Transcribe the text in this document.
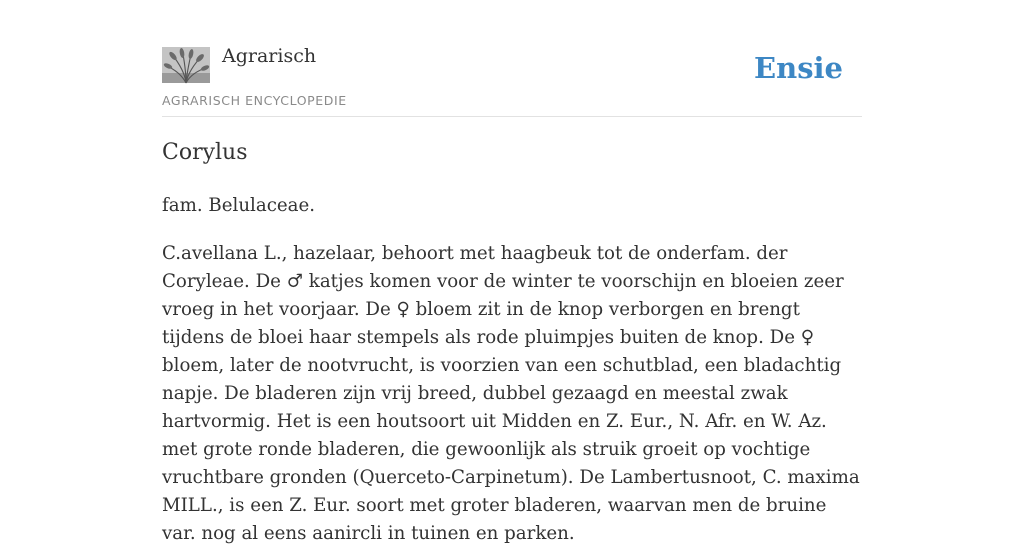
Agrarisch
AGRARISCH ENCYCLOPEDIE
Ensie
Corylus

fam. Belulaceae.

C.avellana L., hazelaar, behoort met haagbeuk tot de onderfam. der Coryleae. De ♂ katjes komen voor de winter te voorschijn en bloeien zeer vroeg in het voorjaar. De ♀ bloem zit in de knop verborgen en brengt tijdens de bloei haar stempels als rode pluimpjes buiten de knop. De ♀ bloem, later de nootvrucht, is voorzien van een schutblad, een bladachtig napje. De bladeren zijn vrij breed, dubbel gezaagd en meestal zwak hartvormig. Het is een houtsoort uit Midden en Z. Eur., N. Afr. en W. Az. met grote ronde bladeren, die gewoonlijk als struik groeit op vochtige vruchtbare gronden (Querceto-Carpinetum). De Lambertusnoot, C. maxima MILL., is een Z. Eur. soort met groter bladeren, waarvan men de bruine var. nog al eens aanircli in tuinen en parken.
